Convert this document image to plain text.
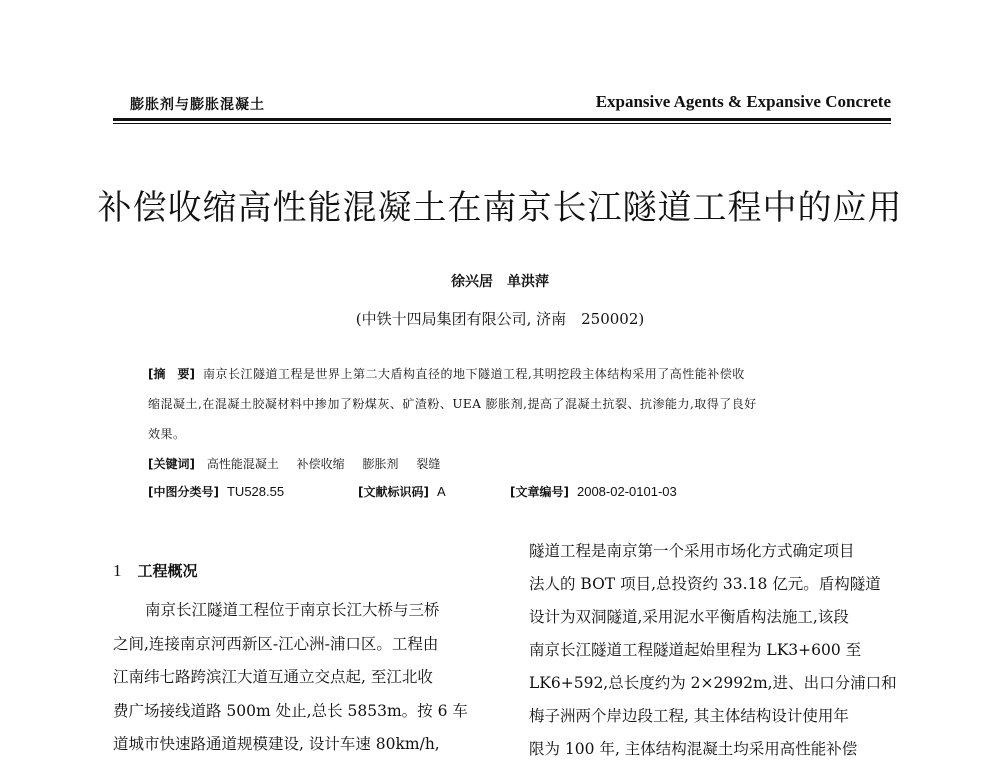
膨胀剂与膨胀混凝土	Expansive Agents & Expansive Concrete
补偿收缩高性能混凝土在南京长江隧道工程中的应用
徐兴居　单洪萍
(中铁十四局集团有限公司, 济南　250002)
[摘　要] 南京长江隧道工程是世界上第二大盾构直径的地下隧道工程,其明挖段主体结构采用了高性能补偿收
缩混凝土,在混凝土胶凝材料中掺加了粉煤灰、矿渣粉、UEA 膨胀剂,提高了混凝土抗裂、抗渗能力,取得了良好
效果。
[关键词] 高性能混凝土 补偿收缩 膨胀剂 裂缝
[中图分类号] TU528.55	[文献标识码] A	[文章编号] 2008-02-0101-03
1 工程概况
南京长江隧道工程位于南京长江大桥与三桥
之间,连接南京河西新区-江心洲-浦口区。工程由
江南纬七路跨滨江大道互通立交点起, 至江北收
费广场接线道路 500m 处止,总长 5853m。按 6 车
道城市快速路通道规模建设, 设计车速 80km/h,
隧道工程是南京第一个采用市场化方式确定项目
法人的 BOT 项目,总投资约 33.18 亿元。盾构隧道
设计为双洞隧道,采用泥水平衡盾构法施工,该段
南京长江隧道工程隧道起始里程为 LK3+600 至
LK6+592,总长度约为 2×2992m,进、出口分浦口和
梅子洲两个岸边段工程, 其主体结构设计使用年
限为 100 年, 主体结构混凝土均采用高性能补偿
